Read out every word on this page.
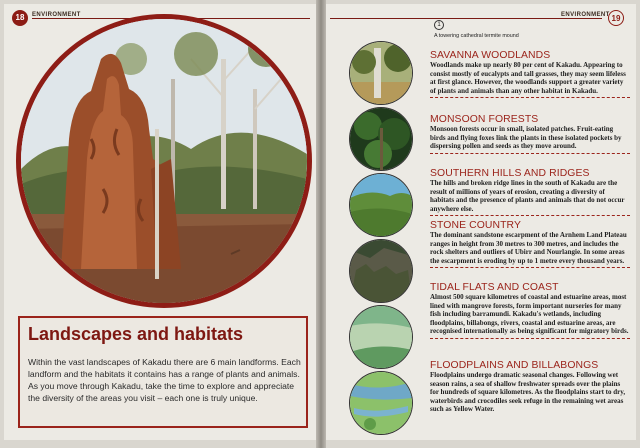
18	ENVIRONMENT
Landscapes and habitats
Within the vast landscapes of Kakadu there are 6 main landforms. Each landform and the habitats it contains has a range of plants and animals. As you move through Kakadu, take the time to explore and appreciate the diversity of the areas you visit – each one is truly unique.
ENVIRONMENT 19
1
A towering cathedral termite mound
SAVANNA WOODLANDS
Woodlands make up nearly 80 per cent of Kakadu. Appearing to consist mostly of eucalypts and tall grasses, they may seem lifeless at first glance. However, the woodlands support a greater variety of plants and animals than any other habitat in Kakadu.
MONSOON FORESTS
Monsoon forests occur in small, isolated patches. Fruit-eating birds and flying foxes link the plants in these isolated pockets by dispersing pollen and seeds as they move around.
SOUTHERN HILLS AND RIDGES
The hills and broken ridge lines in the south of Kakadu are the result of millions of years of erosion, creating a diversity of habitats and the presence of plants and animals that do not occur anywhere else.
STONE COUNTRY
The dominant sandstone escarpment of the Arnhem Land Plateau ranges in height from 30 metres to 300 metres, and includes the rock shelters and outliers of Ubirr and Nourlangie. In some areas the escarpment is eroding by up to 1 metre every thousand years.
TIDAL FLATS AND COAST
Almost 500 square kilometres of coastal and estuarine areas, most lined with mangrove forests, form important nurseries for many fish including barramundi. Kakadu's wetlands, including floodplains, billabongs, rivers, coastal and estuarine areas, are recognised internationally as being significant for migratory birds.
FLOODPLAINS AND BILLABONGS
Floodplains undergo dramatic seasonal changes. Following wet season rains, a sea of shallow freshwater spreads over the plains for hundreds of square kilometres. As the floodplains start to dry, waterbirds and crocodiles seek refuge in the remaining wet areas such as Yellow Water.
